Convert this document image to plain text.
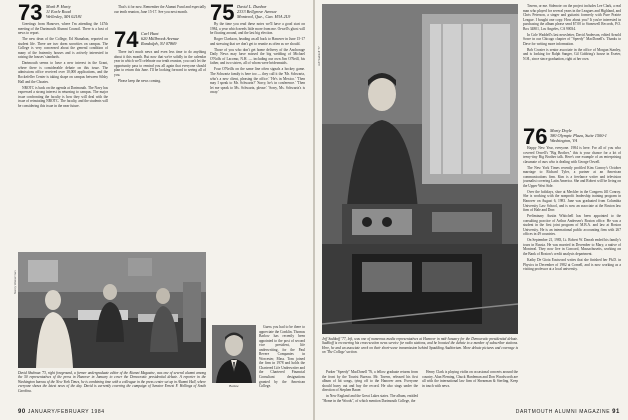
73 Mark P. Harty
11 Earle Road
Wellesley, MA 02181

Greetings from Hanover, where I'm attending the 147th meeting of the Dartmouth Alumni Council. There is a host of news to report.

The new dean of the College, Ed Shanahan, reported on student life. There are two dorm sororities on campus. The College is very concerned about the general condition of many of the fraternity houses and is actively interested in raising the houses' standards.

Dartmouth seems to have a new interest in the Grant, where there is considerable debate on this issue. The admissions office received over 10,000 applications, and the Rockefeller Center is taking shape on campus between Silsby Hall and the Choates.

NROTC is back on the agenda at Dartmouth. The Navy has expressed a strong interest in returning to campus. The major issue confronting the faculty is how they will deal with the issue of reinstating NROTC. The faculty, and the students will be considering this issue in the near future.

That's it for now. Remember the Alumni Fund and especially our tenth reunion, June 15-17. See you next month.

74 Carl Hunt
620 Millbrook Avenue
Randolph, NJ 07869

There isn't much news and even less time to do anything about it this month. But now that we're solidly in the calendar year in which we'll celebrate our tenth reunion, you can't let the opportunity pass to remind you all again that everyone should plan to return this June. I'll be looking forward to seeing all of you.

Please keep the news coming.

75 David L. Dunbar
2333 Bellgrove Avenue
Montreal, Que., Can. H3A 2L9

By the time you read these notes we'll have a good start on 1984, a year which needs little more from me. Orwell's ghost will be floating around, and the last big election.

Roger Clarkson, heading an all back to Hanover in June 15-17 and stressing that we don't get to reunite as often as we should.

Those of you who don't get home delivery of the Anchorage Daily News may have missed the big wedding of Michael O'Nolls of Lacomo, N.H. — including our own Jim O'Neill, his father, and two sisters, all of whom were bridesmaids.

Four O'Neills on the same line often signals a hockey game. The Schwartz family is here too — they call it the 'Mr. Schwartz, who's a new client, pleasing the office.' 'He's in Mexico.' 'Then may I speak to Mr. Schwartz?' 'Sorry, he's in conference.' 'Then let me speak to Ms. Schwartz, please.' 'Sorry, Ms. Schwartz's is away.'

Barlow

Guess you had to be there to appreciate the Conklin. Thomas Barlow has recently been appointed to the post of second vice president, life underwriting, for the Paul Revere Companies in Worcester, Mass. Tom joined the firm in 1978 and holds the Chartered Life Underwriter and the Chartered Financial Consultant designations granted by the American College.

Nancy Wasserman
David Shulman '73, right foreground, a former undergraduate editor of the Alumni Magazine, was one of several alumni among the 50 representatives of the press in Hanover in January to cover the Democratic presidential debate. A reporter in the Washington bureau of the New York Times, he is combining time with a colleague in the press center set up in Alumni Hall, where everyone shows the latest news of the day. David is currently covering the campaign of Senator Ernest F. Hollings of South Carolina.
90 JANUARY/FEBRUARY 1984
Jeff Sadikoff '77
Jeff Sadikoff '77, left, was one of numerous media representatives at Hanover in mid-January for the Democratic presidential debate. Sadikoff is recovering his cross-section news service for radio stations, and he boosted the debate to a number of subscriber stations. Here, he and an associate work on their short-wave transmission behind Spaulding Auditorium. More debate pictures and coverage is on 'The College' section.

Parker "Speedy" MacDonell '76, a fellow graduate returns from the front by the Tourist Bureau. Mr. Tavern, released his first album of hit songs, tying off to the Hanover area. Everyone should hurry out and buy the record. He also sings under the direction of Stephen Bauer.

in New England and the Great Lakes states. The album, entitled "Home in the Woods", of which mention Dartmouth College, the

Henry Clark is playing violin on occasional concerts around the country. Alan Fleming, Chuck Hardeman and Don Woodworth are all with the international law firm of Shearman & Sterling. Keep in touch with news.

Tavern, or me. Sidenote: on the project includes Lee Clark, a real man who played for several years in the Leagues and Highland, and Chris Peterson, a singer and guitarist formerly with Pure Prairie League. I bought one copy. How about you? It you're interested in purchasing the album please send $7.00 to Stonewell Records, P.O. Box 34801, Los Angeles, CA 90034.

In Cole Waddell's last newsletter, David Anderson, edited Arnold Sowe in our Chicago chapter of "Speedy" MacDonell's. Thanks to Dave for writing more information.

Bob Crozier is senior associate in the office of Morgan Stanley, and is looking for Ralph Sanger, Gil Goldring's house in Exeter, N.H., since since graduation, right at her own.

76 Marty Doyle
380 Olympic Plaza, Suite 1500-1
Washington, VA

Happy New Year, everyone. 1984 is here. For all of you who covered Orwell's "Big Brother," this is your chance for a lot of teeny-tiny Big Brother talk. Here's one example of an enterprising classmate of ours who is dealing with George Orwell.

The New York Times recently profiled Kim Conroy's October marriage to Richard Tyler, a partner at an American communications firm. Kim is a freelance writer and television journalist covering Latin America. She and Robert will be living on the Upper West Side.

Over the holidays, shoe at Meckler in the Congress Jill Conroy. She is working with the nonprofit leadership training program in Hanover on August 6, 1983. Jane was graduated from Columbia University Law School, and is now an associate at the Boston law firm of Hale and Dorr.

Preliminary Austin Whitchell has been appointed to the consulting practice of Arthur Andersen's Boston office. He was a student in the first joint program of M.B.A. and law at Boston University. He is an international public accounting firm with 267 offices in 49 countries.

On September 21, 1983, Lt. Robert W. Darrah ended his family's tours in Russia. He was married in December to Mary, a native of Montreal. They now live in Concord, Massachusetts, working on the Bank of Boston's credit analysis department.

Kathy De Gioia Eastwood writes that she finished her Ph.D. in Physics in December of 1982 at Cornell, and is now working as a visiting professor at a local university.

DARTMOUTH ALUMNI MAGAZINE 91
